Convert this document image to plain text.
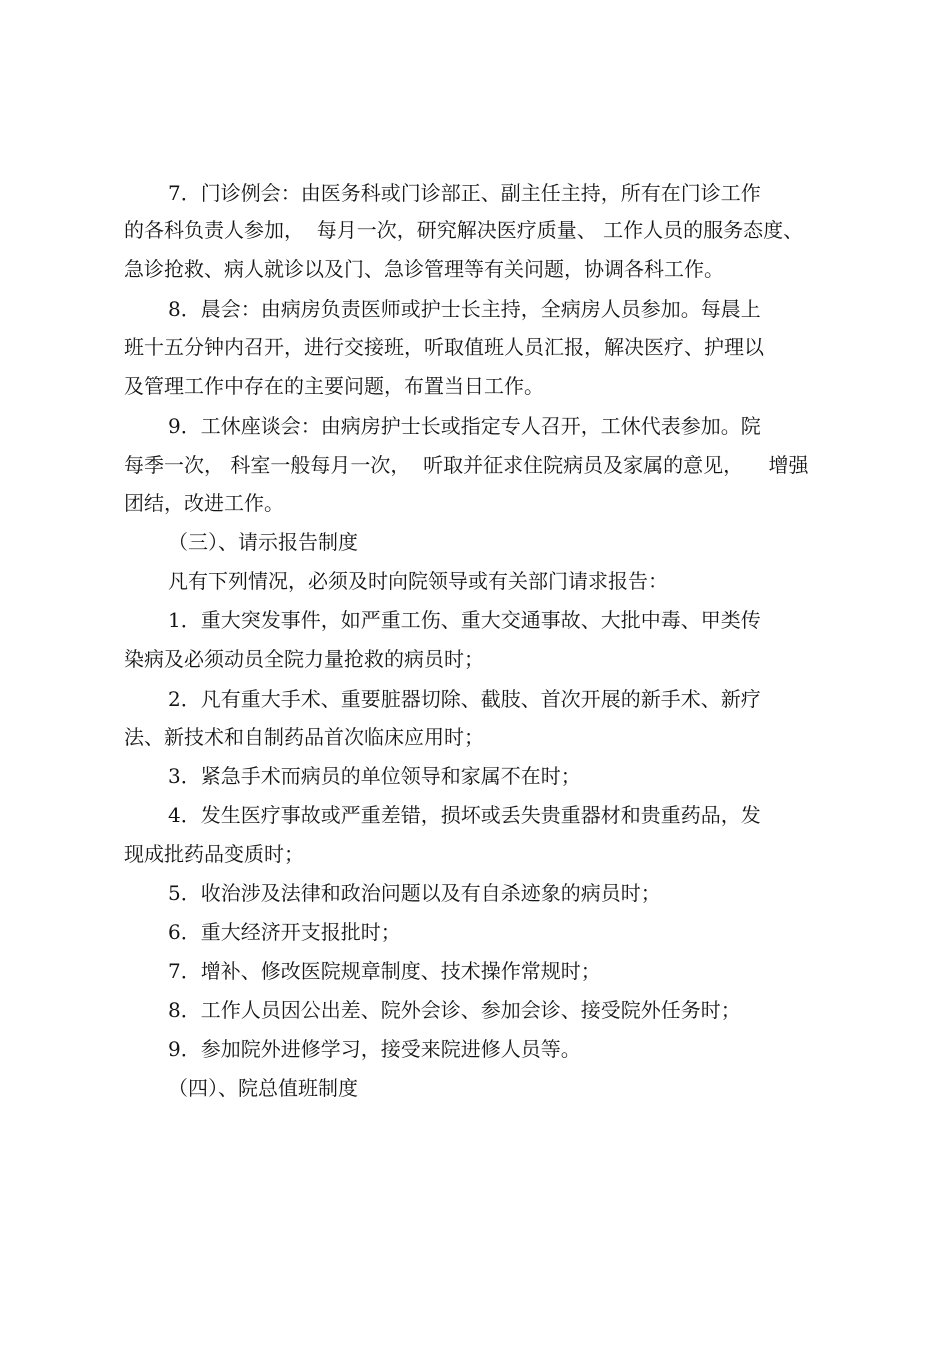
7．门诊例会：由医务科或门诊部正、副主任主持，所有在门诊工作
的各科负责人参加，  每月一次，研究解决医疗质量、 工作人员的服务态度、
急诊抢救、病人就诊以及门、急诊管理等有关问题，协调各科工作。
8．晨会：由病房负责医师或护士长主持，全病房人员参加。每晨上
班十五分钟内召开，进行交接班，听取值班人员汇报，解决医疗、护理以
及管理工作中存在的主要问题，布置当日工作。
9．工休座谈会：由病房护士长或指定专人召开，工休代表参加。院
每季一次， 科室一般每月一次，  听取并征求住院病员及家属的意见，    增强
团结，改进工作。
（三）、请示报告制度
凡有下列情况，必须及时向院领导或有关部门请求报告：
1．重大突发事件，如严重工伤、重大交通事故、大批中毒、甲类传
染病及必须动员全院力量抢救的病员时；
2．凡有重大手术、重要脏器切除、截肢、首次开展的新手术、新疗
法、新技术和自制药品首次临床应用时；
3．紧急手术而病员的单位领导和家属不在时；
4．发生医疗事故或严重差错，损坏或丢失贵重器材和贵重药品，发
现成批药品变质时；
5．收治涉及法律和政治问题以及有自杀迹象的病员时；
6．重大经济开支报批时；
7．增补、修改医院规章制度、技术操作常规时；
8．工作人员因公出差、院外会诊、参加会诊、接受院外任务时；
9．参加院外进修学习，接受来院进修人员等。
（四）、院总值班制度
